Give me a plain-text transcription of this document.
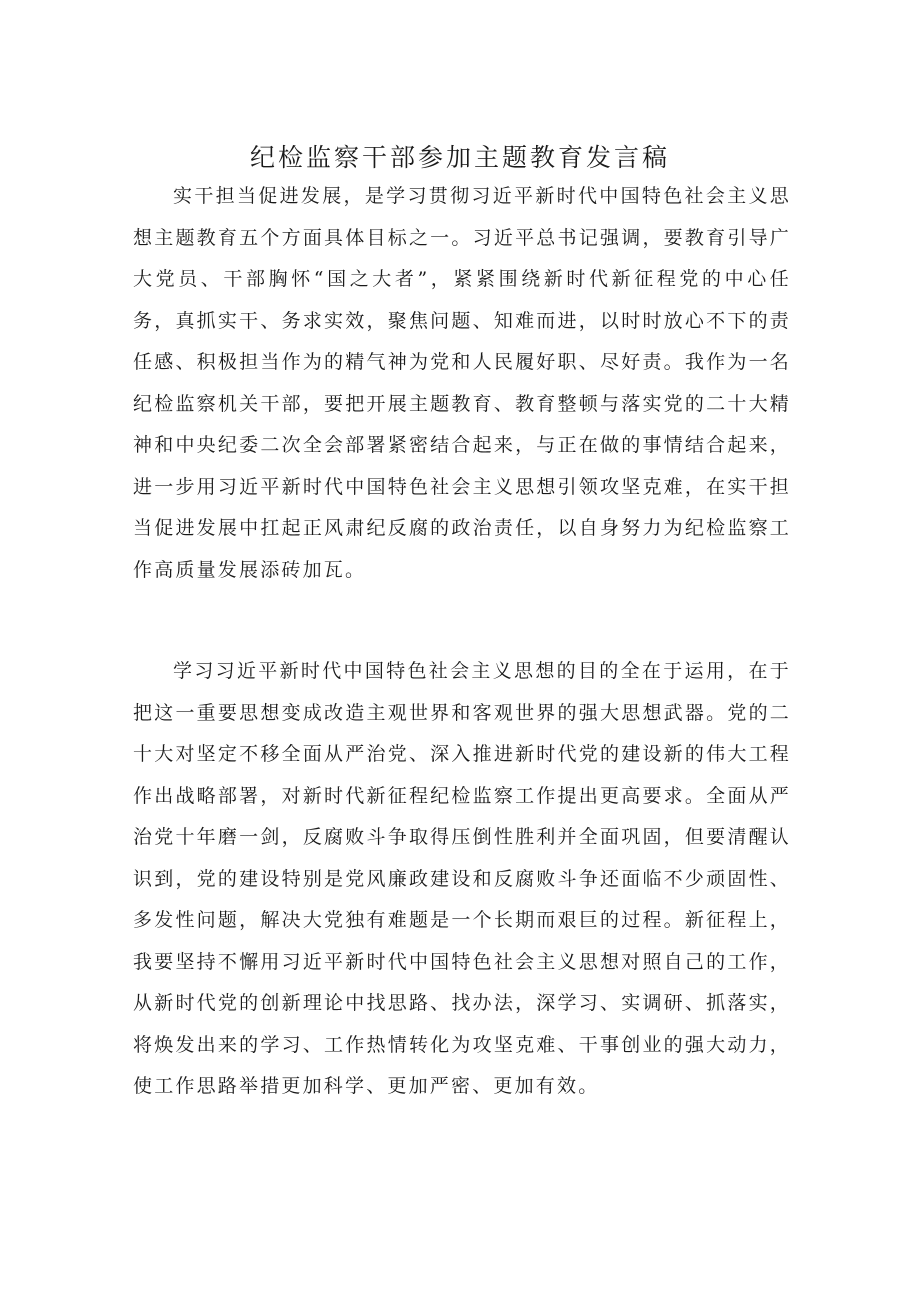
纪检监察干部参加主题教育发言稿

实干担当促进发展，是学习贯彻习近平新时代中国特色社会主义思想主题教育五个方面具体目标之一。习近平总书记强调，要教育引导广大党员、干部胸怀“国之大者”，紧紧围绕新时代新征程党的中心任务，真抓实干、务求实效，聚焦问题、知难而进，以时时放心不下的责任感、积极担当作为的精气神为党和人民履好职、尽好责。我作为一名纪检监察机关干部，要把开展主题教育、教育整顿与落实党的二十大精神和中央纪委二次全会部署紧密结合起来，与正在做的事情结合起来，进一步用习近平新时代中国特色社会主义思想引领攻坚克难，在实干担当促进发展中扛起正风肃纪反腐的政治责任，以自身努力为纪检监察工作高质量发展添砖加瓦。

学习习近平新时代中国特色社会主义思想的目的全在于运用，在于把这一重要思想变成改造主观世界和客观世界的强大思想武器。党的二十大对坚定不移全面从严治党、深入推进新时代党的建设新的伟大工程作出战略部署，对新时代新征程纪检监察工作提出更高要求。全面从严治党十年磨一剑，反腐败斗争取得压倒性胜利并全面巩固，但要清醒认识到，党的建设特别是党风廉政建设和反腐败斗争还面临不少顽固性、多发性问题，解决大党独有难题是一个长期而艰巨的过程。新征程上，我要坚持不懈用习近平新时代中国特色社会主义思想对照自己的工作，从新时代党的创新理论中找思路、找办法，深学习、实调研、抓落实，将焕发出来的学习、工作热情转化为攻坚克难、干事创业的强大动力，使工作思路举措更加科学、更加严密、更加有效。
